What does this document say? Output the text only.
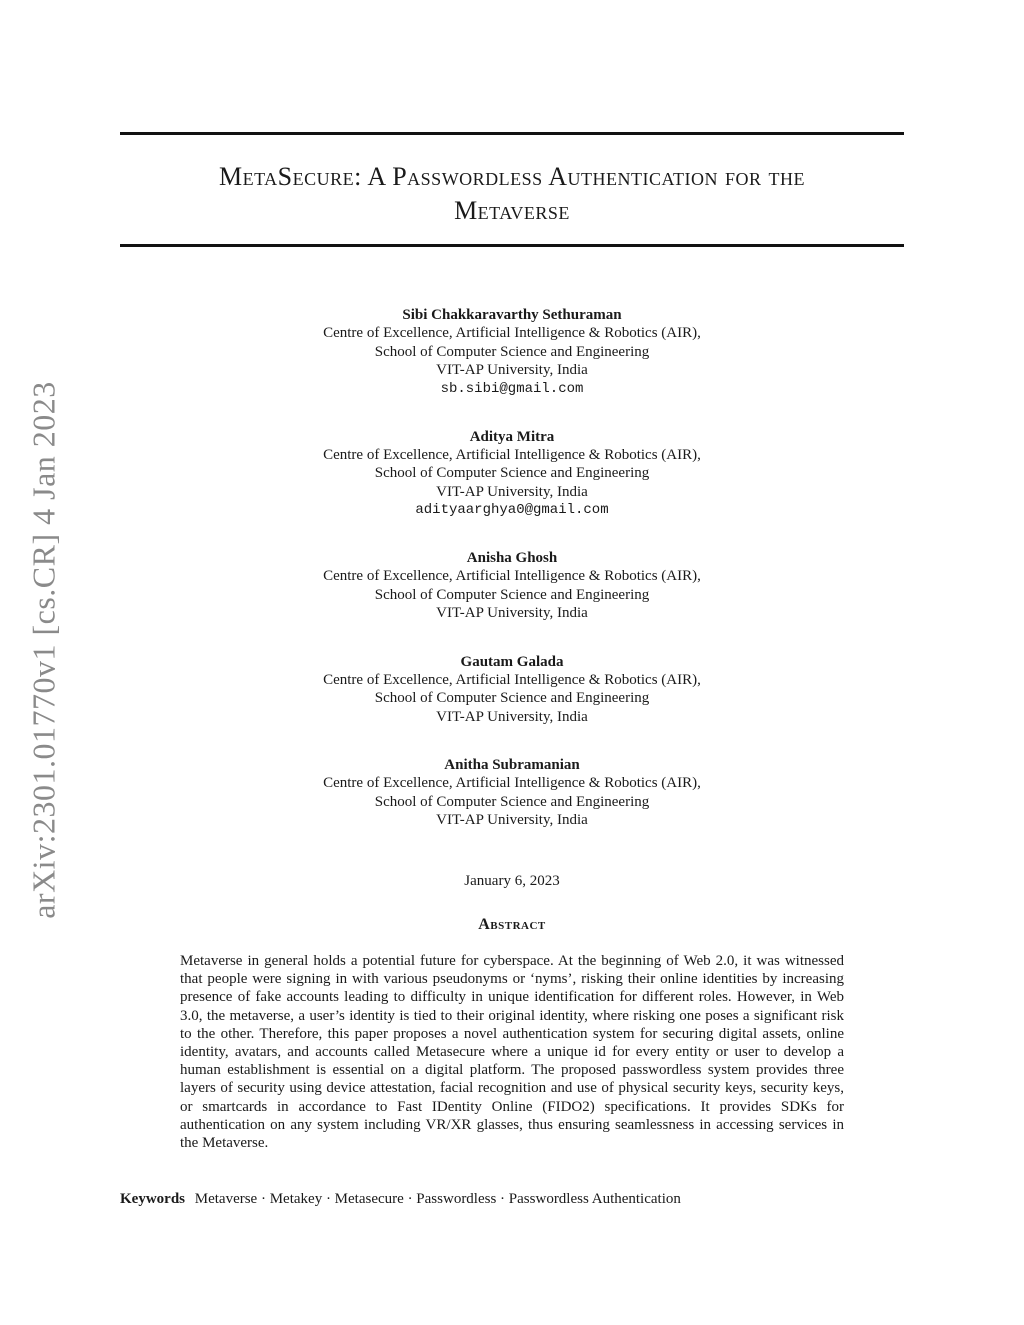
arXiv:2301.01770v1 [cs.CR] 4 Jan 2023
MetaSecure: A Passwordless Authentication for the
Metaverse
Sibi Chakkaravarthy Sethuraman
Centre of Excellence, Artificial Intelligence & Robotics (AIR),
School of Computer Science and Engineering
VIT-AP University, India
sb.sibi@gmail.com
Aditya Mitra
Centre of Excellence, Artificial Intelligence & Robotics (AIR),
School of Computer Science and Engineering
VIT-AP University, India
adityaarghya0@gmail.com
Anisha Ghosh
Centre of Excellence, Artificial Intelligence & Robotics (AIR),
School of Computer Science and Engineering
VIT-AP University, India
Gautam Galada
Centre of Excellence, Artificial Intelligence & Robotics (AIR),
School of Computer Science and Engineering
VIT-AP University, India
Anitha Subramanian
Centre of Excellence, Artificial Intelligence & Robotics (AIR),
School of Computer Science and Engineering
VIT-AP University, India
January 6, 2023
Abstract
Metaverse in general holds a potential future for cyberspace. At the beginning of Web 2.0, it was witnessed that people were signing in with various pseudonyms or ‘nyms’, risking their online identities by increasing presence of fake accounts leading to difficulty in unique identification for different roles. However, in Web 3.0, the metaverse, a user’s identity is tied to their original identity, where risking one poses a significant risk to the other. Therefore, this paper proposes a novel authentication system for securing digital assets, online identity, avatars, and accounts called Metasecure where a unique id for every entity or user to develop a human establishment is essential on a digital platform. The proposed passwordless system provides three layers of security using device attestation, facial recognition and use of physical security keys, security keys, or smartcards in accordance to Fast IDentity Online (FIDO2) specifications. It provides SDKs for authentication on any system including VR/XR glasses, thus ensuring seamlessness in accessing services in the Metaverse.
Keywords Metaverse · Metakey · Metasecure · Passwordless · Passwordless Authentication
